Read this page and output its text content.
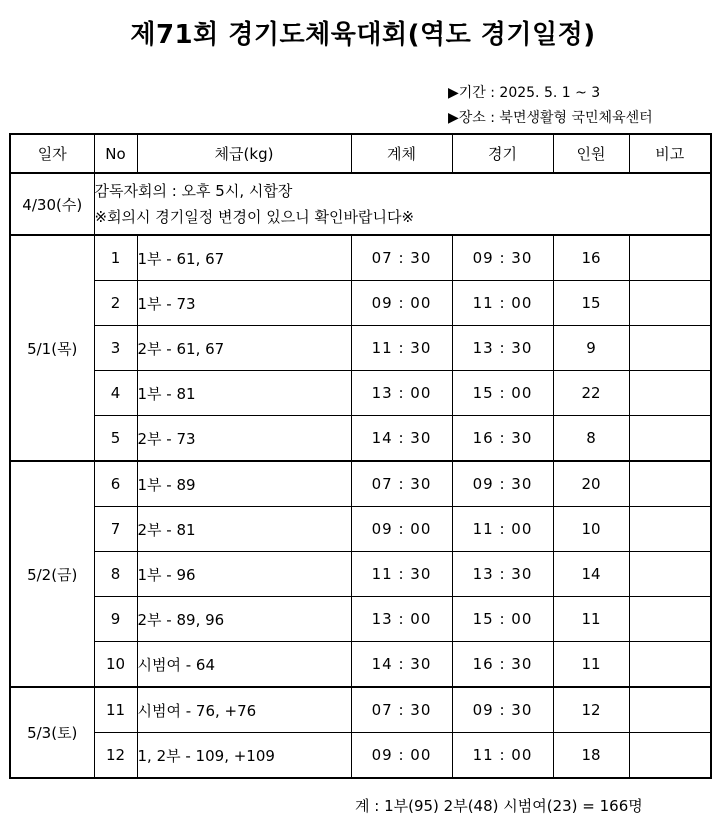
제71회 경기도체육대회(역도 경기일정)
▶기간 : 2025. 5. 1 ~ 3
▶장소 : 북면생활형 국민체육센터
일자	No	체급(kg)	계체	경기	인원	비고
4/30(수)	감독자회의 : 오후 5시, 시합장
※회의시 경기일정 변경이 있으니 확인바랍니다※					

5/1(목)	1	1부 - 61, 67	07 : 30	09 : 30	16	
	2	1부 - 73	09 : 00	11 : 00	15	
	3	2부 - 61, 67	11 : 30	13 : 30	9	
	4	1부 - 81	13 : 00	15 : 00	22	
	5	2부 - 73	14 : 30	16 : 30	8	
5/2(금)	6	1부 - 89	07 : 30	09 : 30	20	
	7	2부 - 81	09 : 00	11 : 00	10	
	8	1부 - 96	11 : 30	13 : 30	14	
	9	2부 - 89, 96	13 : 00	15 : 00	11	
	10	시범여 - 64	14 : 30	16 : 30	11	
5/3(토)	11	시범여 - 76, +76	07 : 30	09 : 30	12	
	12	1, 2부 - 109, +109	09 : 00	11 : 00	18	
계 : 1부(95) 2부(48) 시범여(23) = 166명
